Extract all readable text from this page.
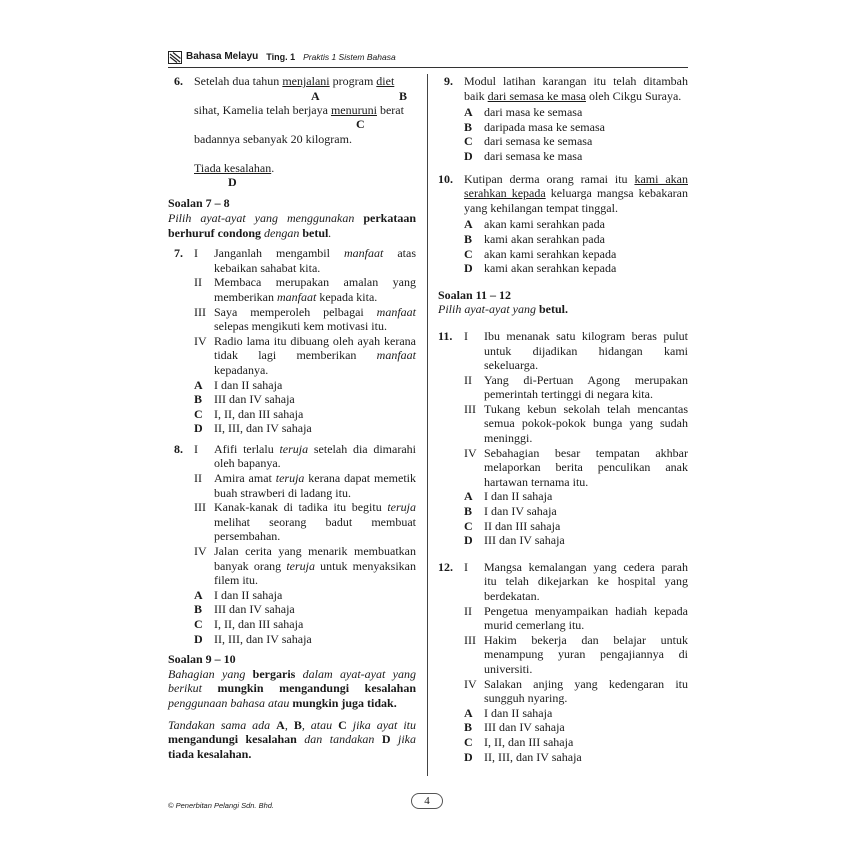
Bahasa Melayu Ting. 1 Praktis 1 Sistem Bahasa
6. Setelah dua tahun menjalani program diet
A	B
sihat, Kamelia telah berjaya menuruni berat
C
badannya sebanyak 20 kilogram.
Tiada kesalahan.
D
Soalan 7 – 8
Pilih ayat-ayat yang menggunakan perkataan berhuruf condong dengan betul.
7. I Janganlah mengambil manfaat atas kebaikan sahabat kita.
II Membaca merupakan amalan yang memberikan manfaat kepada kita.
III Saya memperoleh pelbagai manfaat selepas mengikuti kem motivasi itu.
IV Radio lama itu dibuang oleh ayah kerana tidak lagi memberikan manfaat kepadanya.
A I dan II sahaja
B III dan IV sahaja
C I, II, dan III sahaja
D II, III, dan IV sahaja
8. I Afifi terlalu teruja setelah dia dimarahi oleh bapanya.
II Amira amat teruja kerana dapat memetik buah strawberi di ladang itu.
III Kanak-kanak di tadika itu begitu teruja melihat seorang badut membuat persembahan.
IV Jalan cerita yang menarik membuatkan banyak orang teruja untuk menyaksikan filem itu.
A I dan II sahaja
B III dan IV sahaja
C I, II, dan III sahaja
D II, III, dan IV sahaja
Soalan 9 – 10
Bahagian yang bergaris dalam ayat-ayat yang berikut mungkin mengandungi kesalahan penggunaan bahasa atau mungkin juga tidak.
Tandakan sama ada A, B, atau C jika ayat itu mengandungi kesalahan dan tandakan D jika tiada kesalahan.
9. Modul latihan karangan itu telah ditambah baik dari semasa ke masa oleh Cikgu Suraya.
A dari masa ke semasa
B daripada masa ke semasa
C dari semasa ke semasa
D dari semasa ke masa
10. Kutipan derma orang ramai itu kami akan serahkan kepada keluarga mangsa kebakaran yang kehilangan tempat tinggal.
A akan kami serahkan pada
B kami akan serahkan pada
C akan kami serahkan kepada
D kami akan serahkan kepada
Soalan 11 – 12
Pilih ayat-ayat yang betul.
11. I Ibu menanak satu kilogram beras pulut untuk dijadikan hidangan kami sekeluarga.
II Yang di-Pertuan Agong merupakan pemerintah tertinggi di negara kita.
III Tukang kebun sekolah telah mencantas semua pokok-pokok bunga yang sudah meninggi.
IV Sebahagian besar tempatan akhbar melaporkan berita penculikan anak hartawan ternama itu.
A I dan II sahaja
B I dan IV sahaja
C II dan III sahaja
D III dan IV sahaja
12. I Mangsa kemalangan yang cedera parah itu telah dikejarkan ke hospital yang berdekatan.
II Pengetua menyampaikan hadiah kepada murid cemerlang itu.
III Hakim bekerja dan belajar untuk menampung yuran pengajiannya di universiti.
IV Salakan anjing yang kedengaran itu sungguh nyaring.
A I dan II sahaja
B III dan IV sahaja
C I, II, dan III sahaja
D II, III, dan IV sahaja
© Penerbitan Pelangi Sdn. Bhd.	4
